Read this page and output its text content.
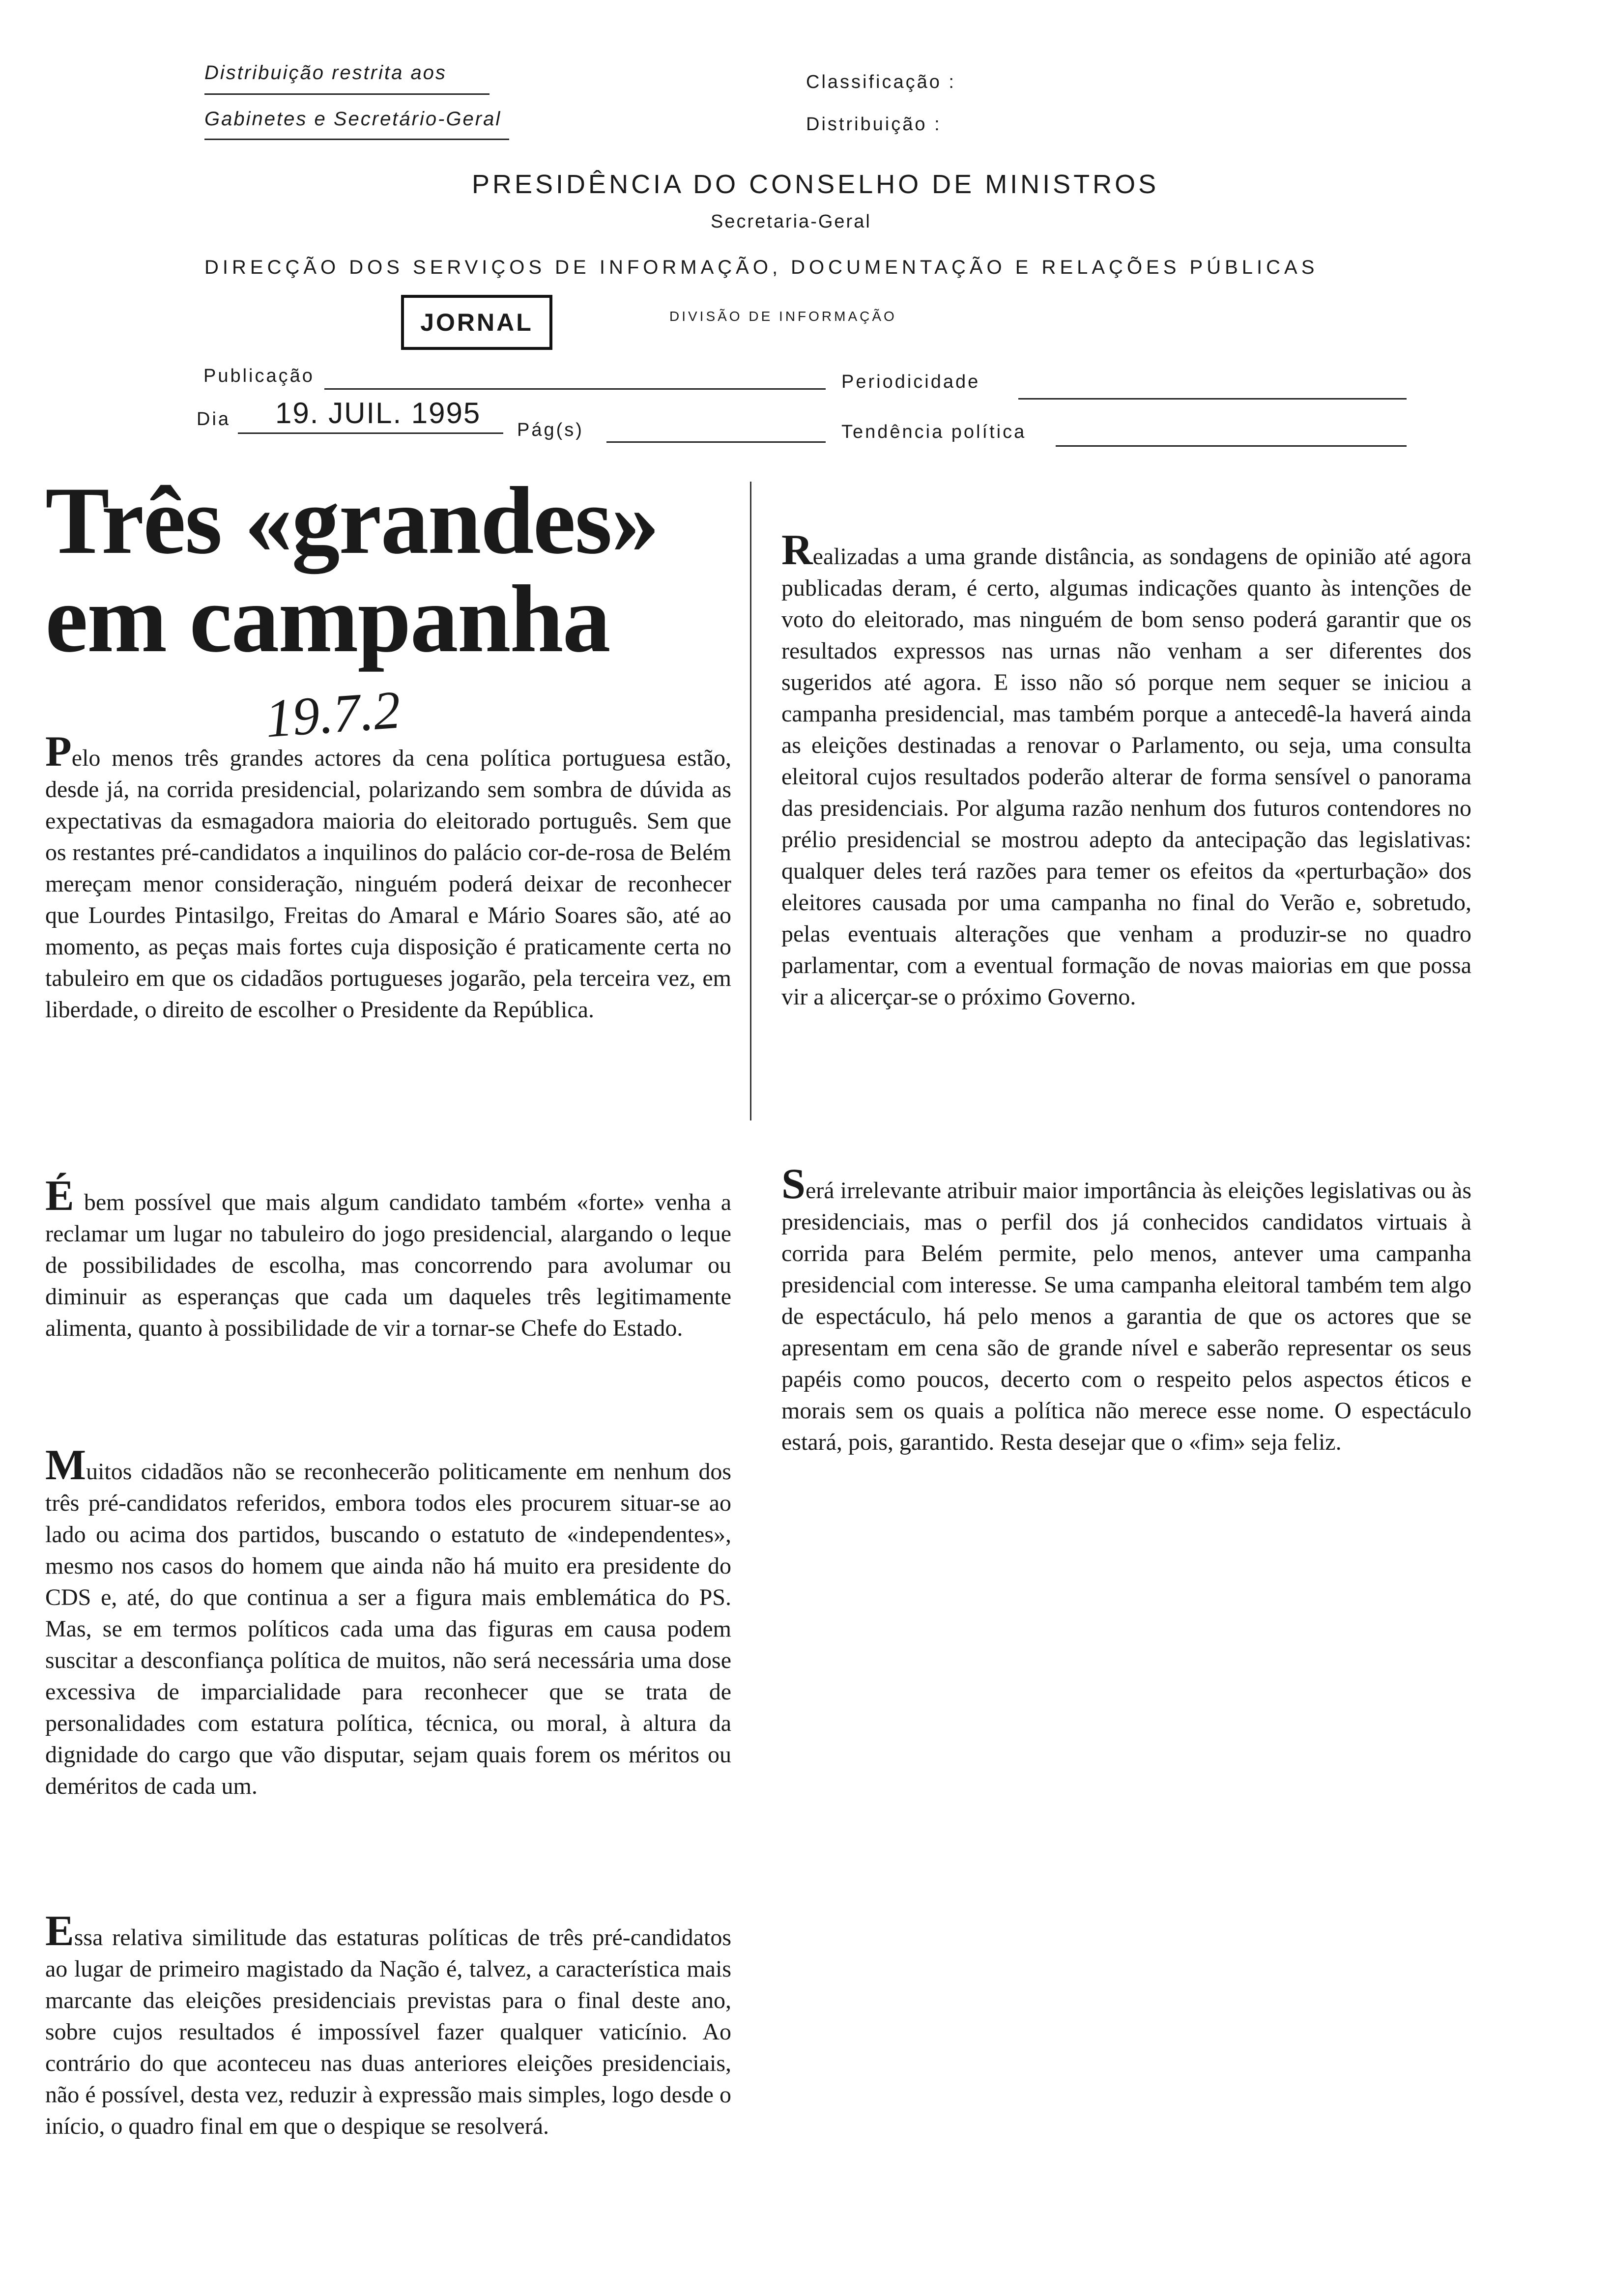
Distribuição restrita aos
Gabinetes e Secretário-Geral
Classificação :
Distribuição :
PRESIDÊNCIA DO CONSELHO DE MINISTROS
Secretaria-Geral
DIRECÇÃO DOS SERVIÇOS DE INFORMAÇÃO, DOCUMENTAÇÃO E RELAÇÕES PÚBLICAS
JORNAL	DIVISÃO DE INFORMAÇÃO
Publicação	Periodicidade
Dia 19. JUIL. 1995
Pág(s)	Tendência política
Três «grandes»
em campanha
19.7.2

Pelo menos três grandes actores da cena política portuguesa estão, desde já, na corrida presidencial, polarizando sem sombra de dúvida as expectativas da esmagadora maioria do eleitorado português. Sem que os restantes pré-candidatos a inquilinos do palácio cor-de-rosa de Belém mereçam menor consideração, ninguém poderá deixar de reconhecer que Lourdes Pintasilgo, Freitas do Amaral e Mário Soares são, até ao momento, as peças mais fortes cuja disposição é praticamente certa no tabuleiro em que os cidadãos portugueses jogarão, pela terceira vez, em liberdade, o direito de escolher o Presidente da República.

É bem possível que mais algum candidato também «forte» venha a reclamar um lugar no tabuleiro do jogo presidencial, alargando o leque de possibilidades de escolha, mas concorrendo para avolumar ou diminuir as esperanças que cada um daqueles três legitimamente alimenta, quanto à possibilidade de vir a tornar-se Chefe do Estado.

Muitos cidadãos não se reconhecerão politicamente em nenhum dos três pré-candidatos referidos, embora todos eles procurem situar-se ao lado ou acima dos partidos, buscando o estatuto de «independentes», mesmo nos casos do homem que ainda não há muito era presidente do CDS e, até, do que continua a ser a figura mais emblemática do PS. Mas, se em termos políticos cada uma das figuras em causa podem suscitar a desconfiança política de muitos, não será necessária uma dose excessiva de imparcialidade para reconhecer que se trata de personalidades com estatura política, técnica, ou moral, à altura da dignidade do cargo que vão disputar, sejam quais forem os méritos ou deméritos de cada um.

Essa relativa similitude das estaturas políticas de três pré-candidatos ao lugar de primeiro magistado da Nação é, talvez, a característica mais marcante das eleições presidenciais previstas para o final deste ano, sobre cujos resultados é impossível fazer qualquer vaticínio. Ao contrário do que aconteceu nas duas anteriores eleições presidenciais, não é possível, desta vez, reduzir à expressão mais simples, logo desde o início, o quadro final em que o despique se resolverá.

Realizadas a uma grande distância, as sondagens de opinião até agora publicadas deram, é certo, algumas indicações quanto às intenções de voto do eleitorado, mas ninguém de bom senso poderá garantir que os resultados expressos nas urnas não venham a ser diferentes dos sugeridos até agora. E isso não só porque nem sequer se iniciou a campanha presidencial, mas também porque a antecedê-la haverá ainda as eleições destinadas a renovar o Parlamento, ou seja, uma consulta eleitoral cujos resultados poderão alterar de forma sensível o panorama das presidenciais. Por alguma razão nenhum dos futuros contendores no prélio presidencial se mostrou adepto da antecipação das legislativas: qualquer deles terá razões para temer os efeitos da «perturbação» dos eleitores causada por uma campanha no final do Verão e, sobretudo, pelas eventuais alterações que venham a produzir-se no quadro parlamentar, com a eventual formação de novas maiorias em que possa vir a alicerçar-se o próximo Governo.

Será irrelevante atribuir maior importância às eleições legislativas ou às presidenciais, mas o perfil dos já conhecidos candidatos virtuais à corrida para Belém permite, pelo menos, antever uma campanha presidencial com interesse. Se uma campanha eleitoral também tem algo de espectáculo, há pelo menos a garantia de que os actores que se apresentam em cena são de grande nível e saberão representar os seus papéis como poucos, decerto com o respeito pelos aspectos éticos e morais sem os quais a política não merece esse nome. O espectáculo estará, pois, garantido. Resta desejar que o «fim» seja feliz.
